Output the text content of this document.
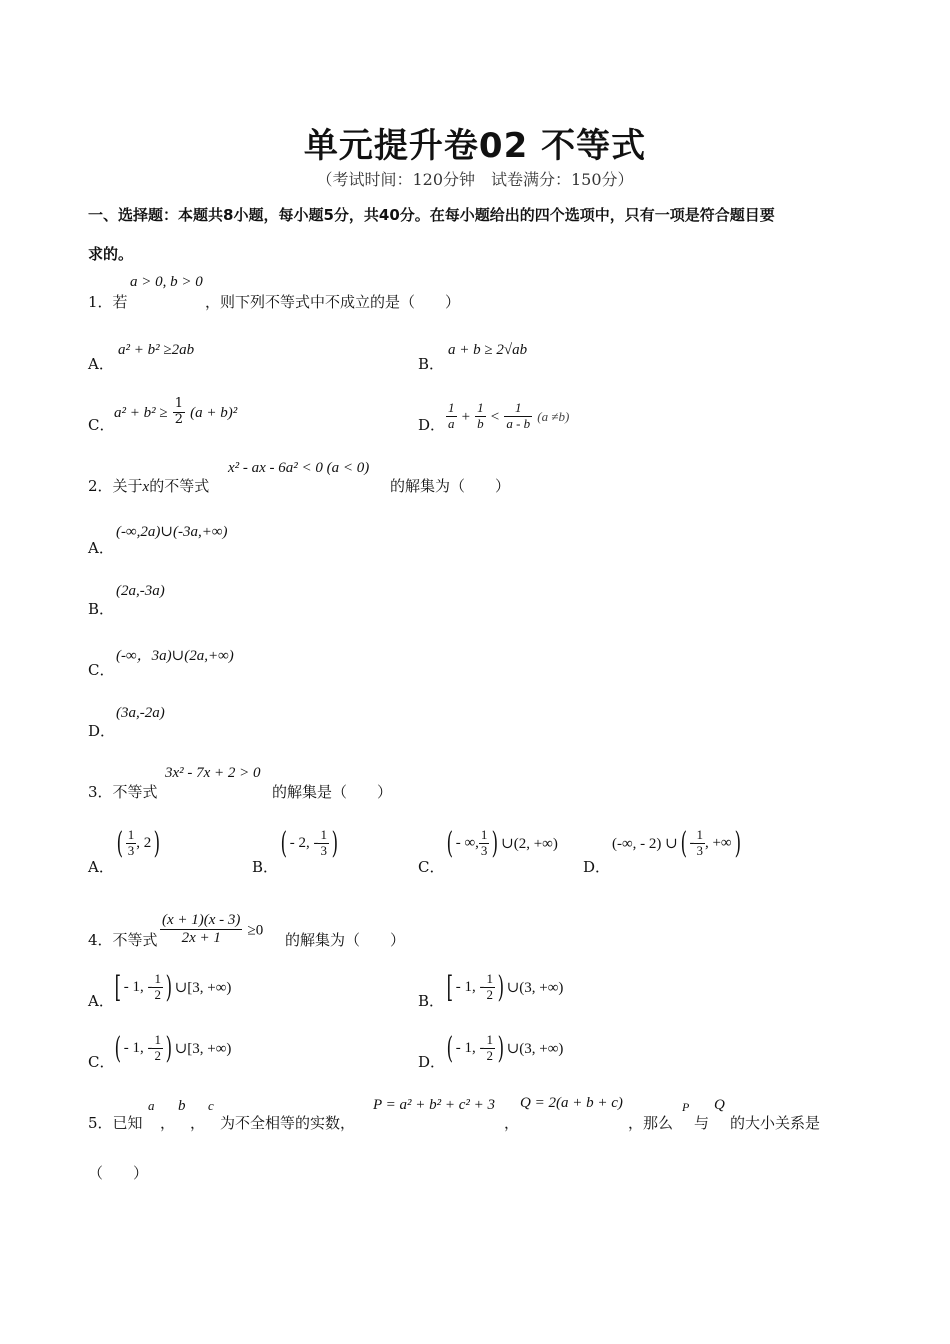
单元提升卷02 不等式
（考试时间：120分钟　试卷满分：150分）
一、选择题：本题共8小题，每小题5分，共40分。在每小题给出的四个选项中，只有一项是符合题目要
求的。
1．若
a > 0, b > 0
，则下列不等式中不成立的是（　　）
A．
a² + b² ≥2ab
B．
a + b ≥ 2√ab
C．
$a^2 + b^2 \ge \frac{1}{2} (a + b)^2$
D． $\frac{1}{a} + \frac{1}{b} < \frac{1}{a - b} (a \ne b)$
2．关于x的不等式
x² - ax - 6a² < 0 (a < 0)
的解集为（　　）
A．
(-∞,2a)∪(-3a,+∞)
B．
(2a,-3a)
C．
(-∞，3a)∪(2a,+∞)
D．
(3a,-2a)
3．不等式
3x² - 7x + 2 > 0
的解集是（　　）
A．
( $\frac{1}{3}$ , 2 )
B．
( - 2, - $\frac{1}{3}$ )
C．
( - ∞, $\frac{1}{3}$ ) ∪(2, +∞)
D．
(-∞, - 2) ∪ ( - $\frac{1}{3}$ , +∞ )
4．不等式 $\frac{(x + 1)(x - 3)}{2x + 1} \ge 0$
的解集为（　　）
A． [ - 1, - $\frac{1}{2}$ ) ∪[3, +∞)
B． [ - 1, - $\frac{1}{2}$ ) ∪(3, +∞)
C． ( - 1, - $\frac{1}{2}$ ) ∪[3, +∞)
D． ( - 1, - $\frac{1}{2}$ ) ∪(3, +∞)
5．已知
a
，
b
，
c
为不全相等的实数，
P = a² + b² + c² + 3
，
Q = 2(a + b + c)
，那么
P
与
Q
的大小关系是
（　　）
